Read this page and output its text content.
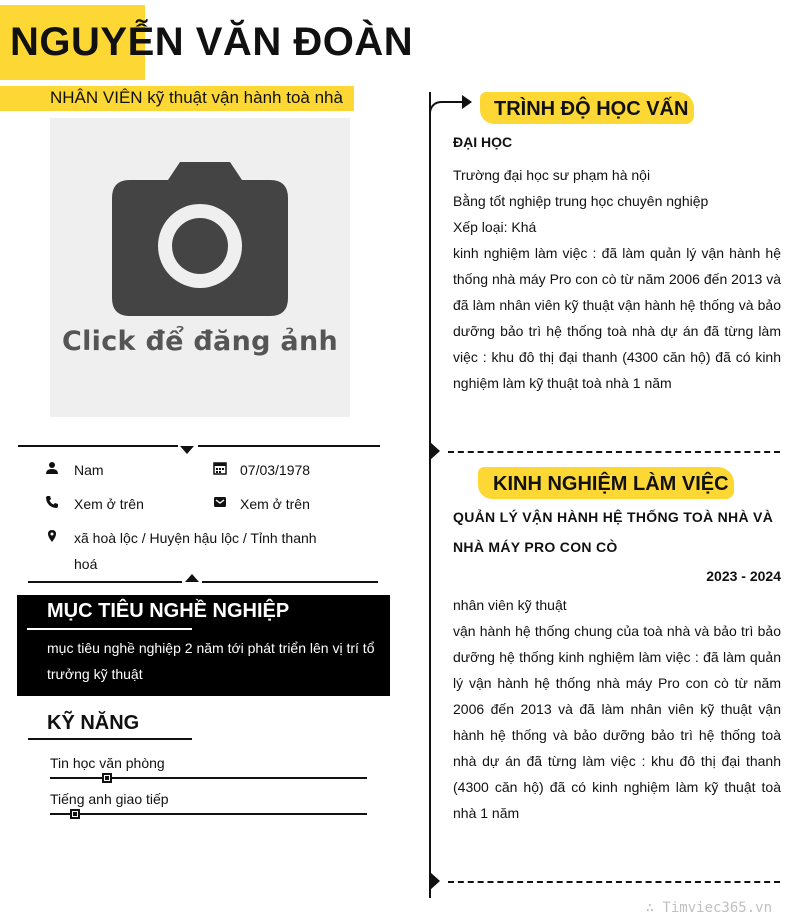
NGUYỄN VĂN ĐOÀN
NHÂN VIÊN kỹ thuật vận hành toà nhà
Click để đăng ảnh
Nam	07/03/1978
Xem ở trên	Xem ở trên
xã hoà lộc / Huyện hậu lộc / Tỉnh thanh hoá
MỤC TIÊU NGHỀ NGHIỆP
mục tiêu nghề nghiệp 2 năm tới phát triển lên vị trí tổ trưởng kỹ thuật
KỸ NĂNG
Tin học văn phòng
Tiếng anh giao tiếp
TRÌNH ĐỘ HỌC VẤN
ĐẠI HỌC
Trường đại học sư phạm hà nội
Bằng tốt nghiệp trung học chuyên nghiệp
Xếp loại: Khá
kinh nghiệm làm việc : đã làm quản lý vận hành hệ thống nhà máy Pro con cò từ năm 2006 đến 2013 và đã làm nhân viên kỹ thuật vận hành hệ thống và bảo dưỡng bảo trì hệ thống toà nhà dự án đã từng làm việc : khu đô thị đại thanh (4300 căn hộ) đã có kinh nghiệm làm kỹ thuật toà nhà 1 năm
KINH NGHIỆM LÀM VIỆC
QUẢN LÝ VẬN HÀNH HỆ THỐNG TOÀ NHÀ VÀ NHÀ MÁY PRO CON CÒ
2023 - 2024
nhân viên kỹ thuật
vận hành hệ thống chung của toà nhà và bảo trì bảo dưỡng hệ thống kinh nghiệm làm việc : đã làm quản lý vận hành hệ thống nhà máy Pro con cò từ năm 2006 đến 2013 và đã làm nhân viên kỹ thuật vận hành hệ thống và bảo dưỡng bảo trì hệ thống toà nhà dự án đã từng làm việc : khu đô thị đại thanh (4300 căn hộ) đã có kinh nghiệm làm kỹ thuật toà nhà 1 năm
∴ Timviec365.vn
